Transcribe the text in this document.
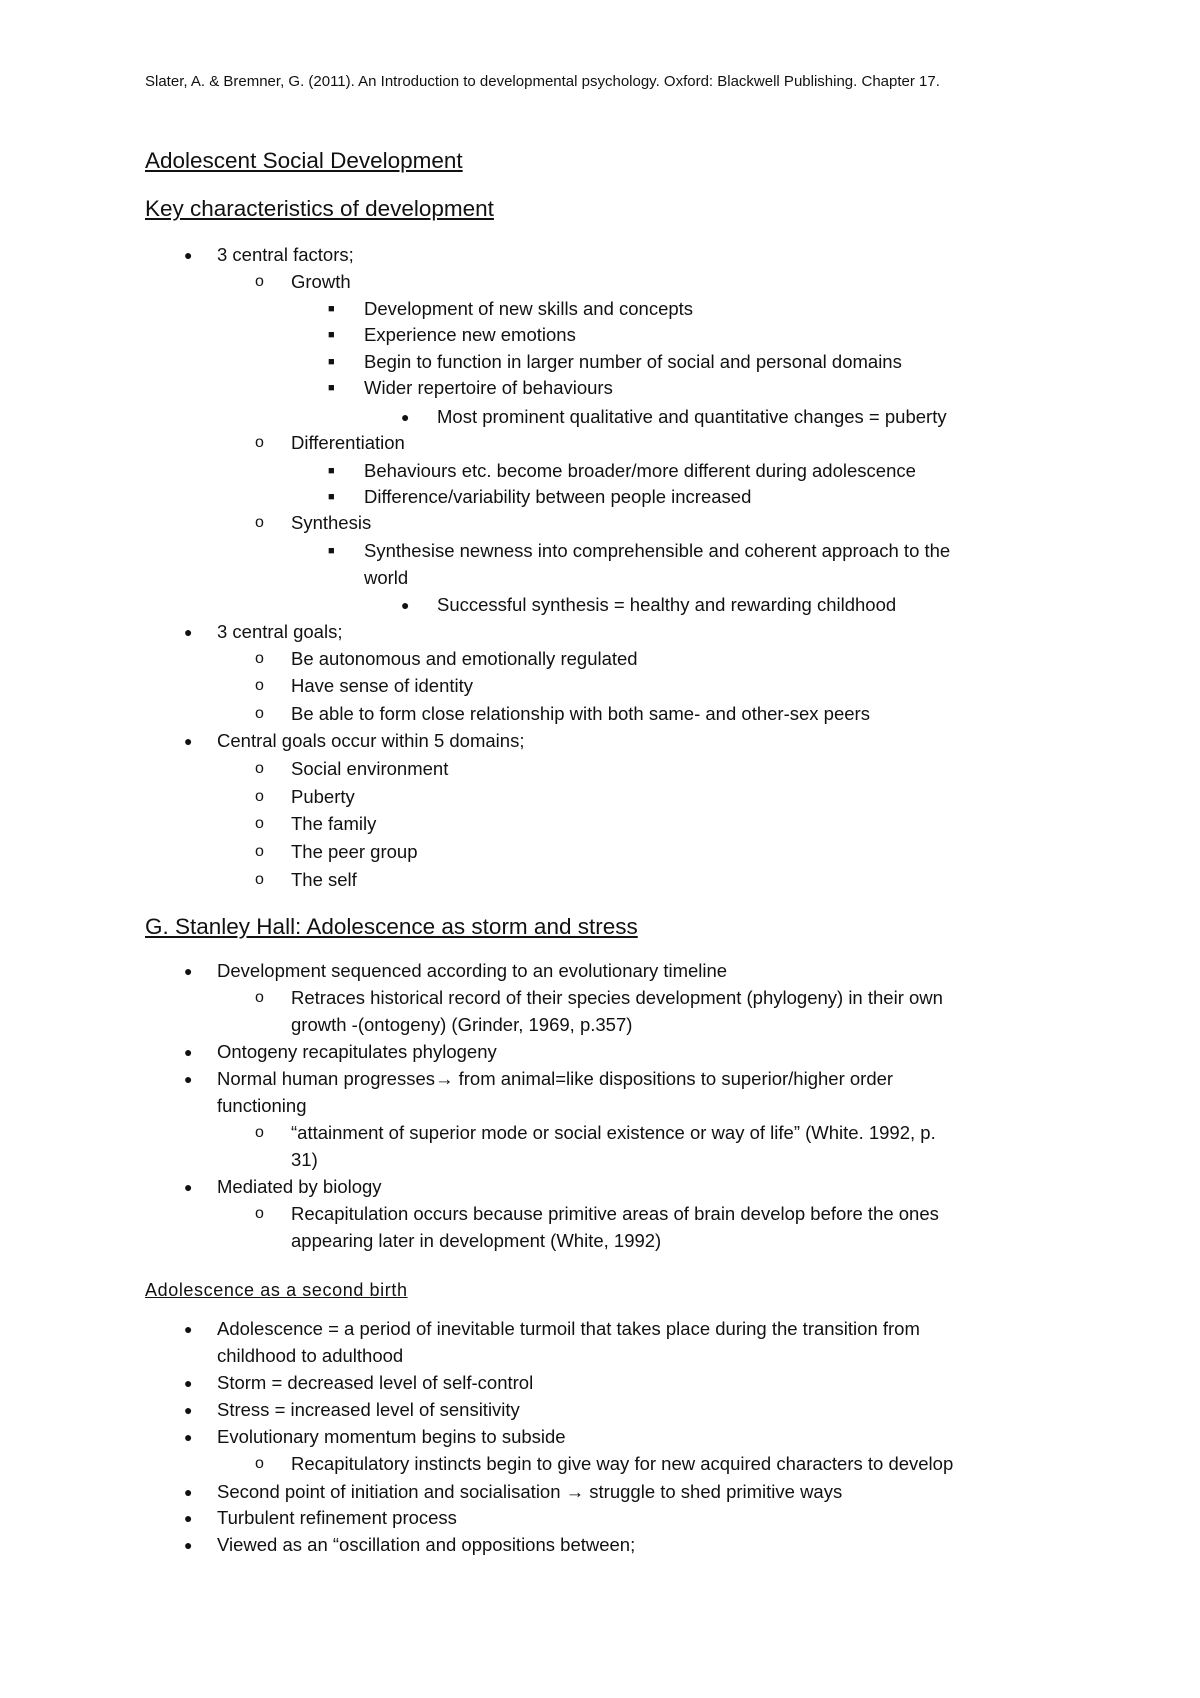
Slater, A. & Bremner, G. (2011). An Introduction to developmental psychology. Oxford: Blackwell Publishing. Chapter 17.
Adolescent Social Development
Key characteristics of development
● 3 central factors;
o Growth
■ Development of new skills and concepts
■ Experience new emotions
■ Begin to function in larger number of social and personal domains
■ Wider repertoire of behaviours
● Most prominent qualitative and quantitative changes = puberty
o Differentiation
■ Behaviours etc. become broader/more different during adolescence
■ Difference/variability between people increased
o Synthesis
■ Synthesise newness into comprehensible and coherent approach to the
world
● Successful synthesis = healthy and rewarding childhood
● 3 central goals;
o Be autonomous and emotionally regulated
o Have sense of identity
o Be able to form close relationship with both same- and other-sex peers
● Central goals occur within 5 domains;
o Social environment
o Puberty
o The family
o The peer group
o The self
G. Stanley Hall: Adolescence as storm and stress
● Development sequenced according to an evolutionary timeline
o Retraces historical record of their species development (phylogeny) in their own
growth -(ontogeny) (Grinder, 1969, p.357)
● Ontogeny recapitulates phylogeny
● Normal human progresses→ from animal=like dispositions to superior/higher order
functioning
o “attainment of superior mode or social existence or way of life” (White. 1992, p.
31)
● Mediated by biology
o Recapitulation occurs because primitive areas of brain develop before the ones
appearing later in development (White, 1992)
Adolescence as a second birth
● Adolescence = a period of inevitable turmoil that takes place during the transition from
childhood to adulthood
● Storm = decreased level of self-control
● Stress = increased level of sensitivity
● Evolutionary momentum begins to subside
o Recapitulatory instincts begin to give way for new acquired characters to develop
● Second point of initiation and socialisation → struggle to shed primitive ways
● Turbulent refinement process
● Viewed as an “oscillation and oppositions between;
